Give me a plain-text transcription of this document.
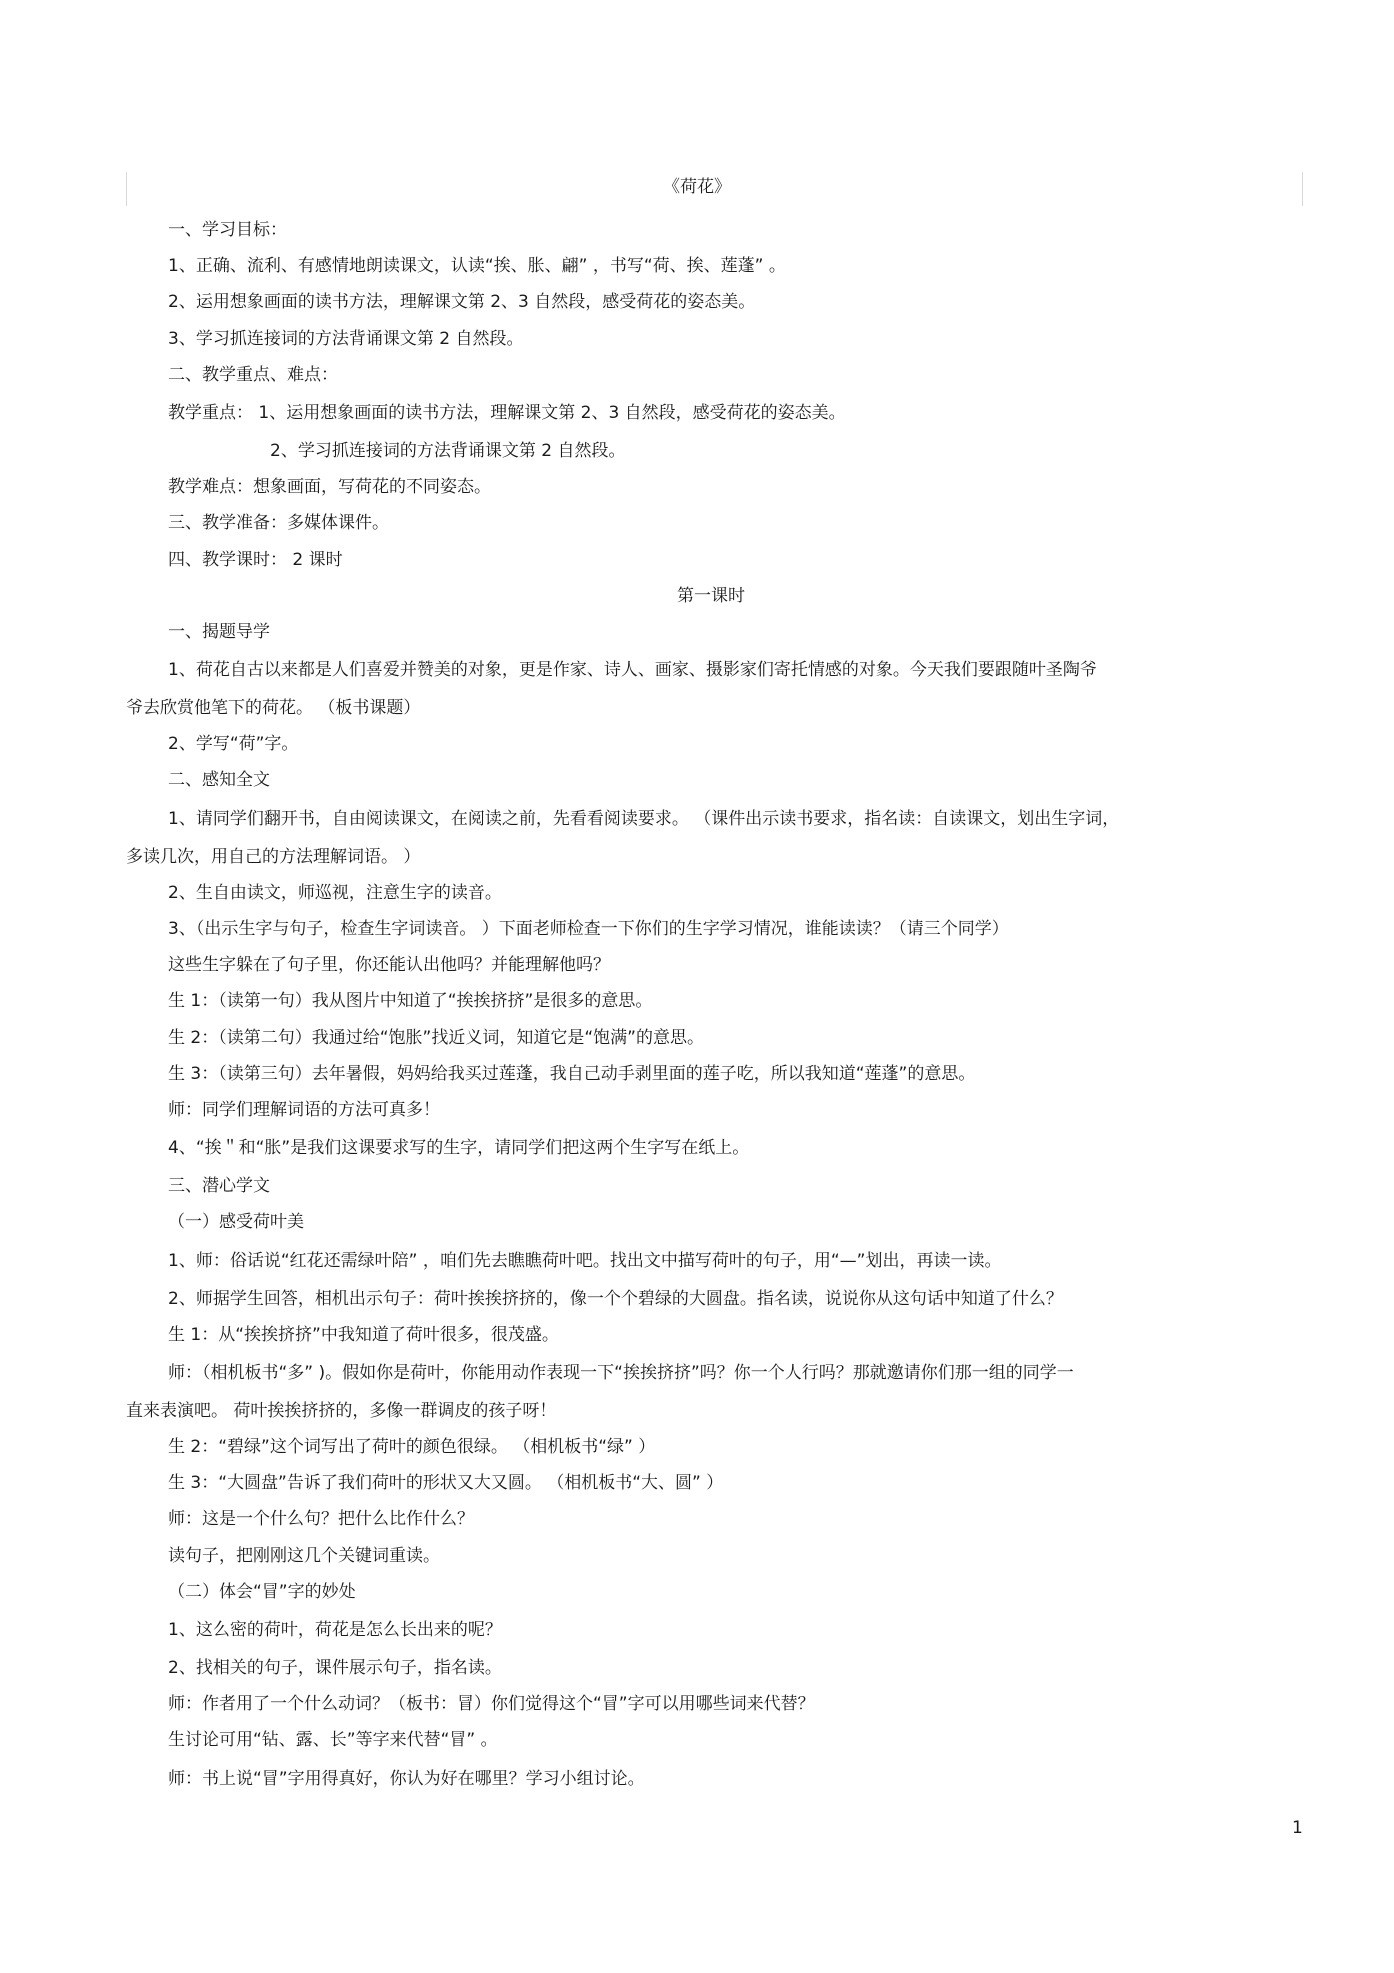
《荷花》
一、学习目标：
1、正确、流利、有感情地朗读课文，认读“挨、胀、翩” ，书写“荷、挨、莲蓬” 。
2、运用想象画面的读书方法，理解课文第 2、3 自然段，感受荷花的姿态美。
3、学习抓连接词的方法背诵课文第 2 自然段。
二、教学重点、难点：
教学重点： 1、运用想象画面的读书方法，理解课文第 2、3 自然段，感受荷花的姿态美。
2、学习抓连接词的方法背诵课文第 2 自然段。
教学难点：想象画面，写荷花的不同姿态。
三、教学准备：多媒体课件。
四、教学课时： 2 课时
第一课时
一、揭题导学
1、荷花自古以来都是人们喜爱并赞美的对象，更是作家、诗人、画家、摄影家们寄托情感的对象。今天我们要跟随叶圣陶爷
爷去欣赏他笔下的荷花。 （板书课题）
2、学写“荷”字。
二、感知全文
1、请同学们翻开书，自由阅读课文，在阅读之前，先看看阅读要求。 （课件出示读书要求，指名读：自读课文，划出生字词，
多读几次，用自己的方法理解词语。 ）
2、生自由读文，师巡视，注意生字的读音。
3、（出示生字与句子，检查生字词读音。 ）下面老师检查一下你们的生字学习情况，谁能读读？（请三个同学）
这些生字躲在了句子里，你还能认出他吗？并能理解他吗？
生 1：（读第一句）我从图片中知道了“挨挨挤挤”是很多的意思。
生 2：（读第二句）我通过给“饱胀”找近义词，知道它是“饱满”的意思。
生 3：（读第三句）去年暑假，妈妈给我买过莲蓬，我自己动手剥里面的莲子吃，所以我知道“莲蓬”的意思。
师：同学们理解词语的方法可真多！
4、“挨＂和“胀”是我们这课要求写的生字，请同学们把这两个生字写在纸上。
三、潜心学文
（一）感受荷叶美
1、师：俗话说“红花还需绿叶陪” ，咱们先去瞧瞧荷叶吧。找出文中描写荷叶的句子，用“—”划出，再读一读。
2、师据学生回答，相机出示句子：荷叶挨挨挤挤的，像一个个碧绿的大圆盘。指名读，说说你从这句话中知道了什么？
生 1：从“挨挨挤挤”中我知道了荷叶很多，很茂盛。
师：（相机板书“多” )。假如你是荷叶，你能用动作表现一下“挨挨挤挤”吗？你一个人行吗？那就邀请你们那一组的同学一
直来表演吧。 荷叶挨挨挤挤的，多像一群调皮的孩子呀！
生 2：“碧绿”这个词写出了荷叶的颜色很绿。 （相机板书“绿” ）
生 3：“大圆盘”告诉了我们荷叶的形状又大又圆。 （相机板书“大、圆” ）
师：这是一个什么句？把什么比作什么？
读句子，把刚刚这几个关键词重读。
（二）体会“冒”字的妙处
1、这么密的荷叶，荷花是怎么长出来的呢？
2、找相关的句子，课件展示句子，指名读。
师：作者用了一个什么动词？（板书：冒）你们觉得这个“冒”字可以用哪些词来代替？
生讨论可用“钻、露、长”等字来代替“冒” 。
师：书上说“冒”字用得真好，你认为好在哪里？学习小组讨论。
1
